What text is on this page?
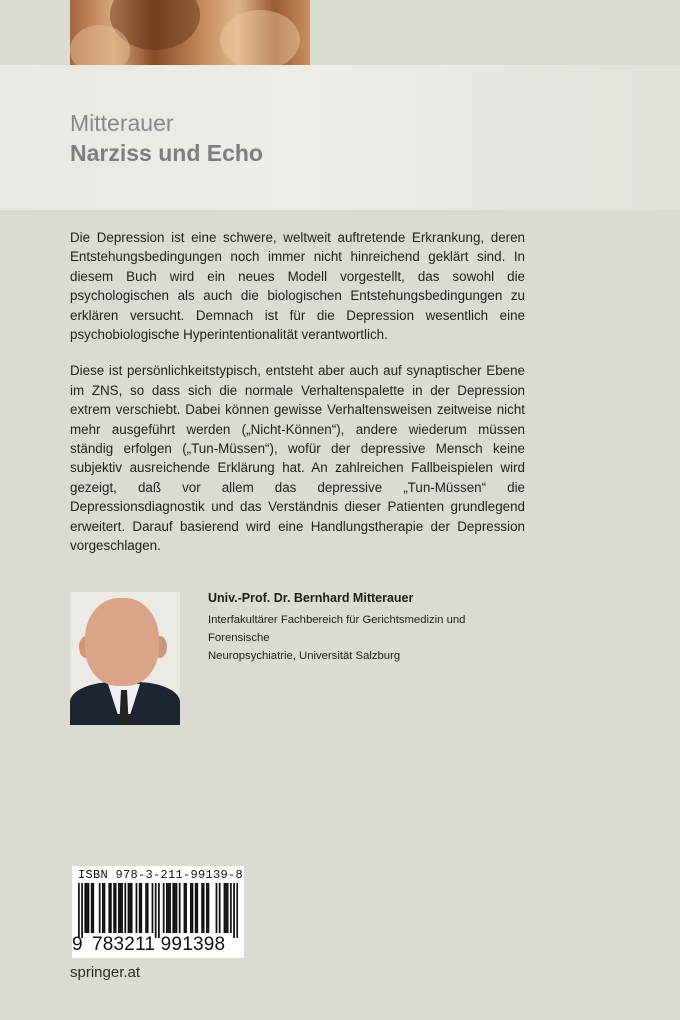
Mitterauer
Narziss und Echo

Die Depression ist eine schwere, weltweit auftretende Erkrankung, deren Entstehungsbedingungen noch immer nicht hinreichend geklärt sind. In diesem Buch wird ein neues Modell vorgestellt, das sowohl die psychologischen als auch die biologischen Entstehungsbedingungen zu erklären versucht. Demnach ist für die Depression wesentlich eine psychobiologische Hyperintentionalität verantwortlich.

Diese ist persönlichkeitstypisch, entsteht aber auch auf synaptischer Ebene im ZNS, so dass sich die normale Verhaltenspalette in der Depression extrem verschiebt. Dabei können gewisse Verhaltensweisen zeitweise nicht mehr ausgeführt werden („Nicht-Können“), andere wiederum müssen ständig erfolgen („Tun-Müssen“), wofür der depressive Mensch keine subjektiv ausreichende Erklärung hat. An zahlreichen Fallbeispielen wird gezeigt, daß vor allem das depressive „Tun-Müssen“ die Depressionsdiagnostik und das Verständnis dieser Patienten grundlegend erweitert. Darauf basierend wird eine Handlungstherapie der Depression vorgeschlagen.

Univ.-Prof. Dr. Bernhard Mitterauer

Interfakultärer Fachbereich für Gerichtsmedizin und Forensische
Neuropsychiatrie, Universität Salzburg

ISBN 978-3-211-99139-8
9 783211 991398
springer.at
